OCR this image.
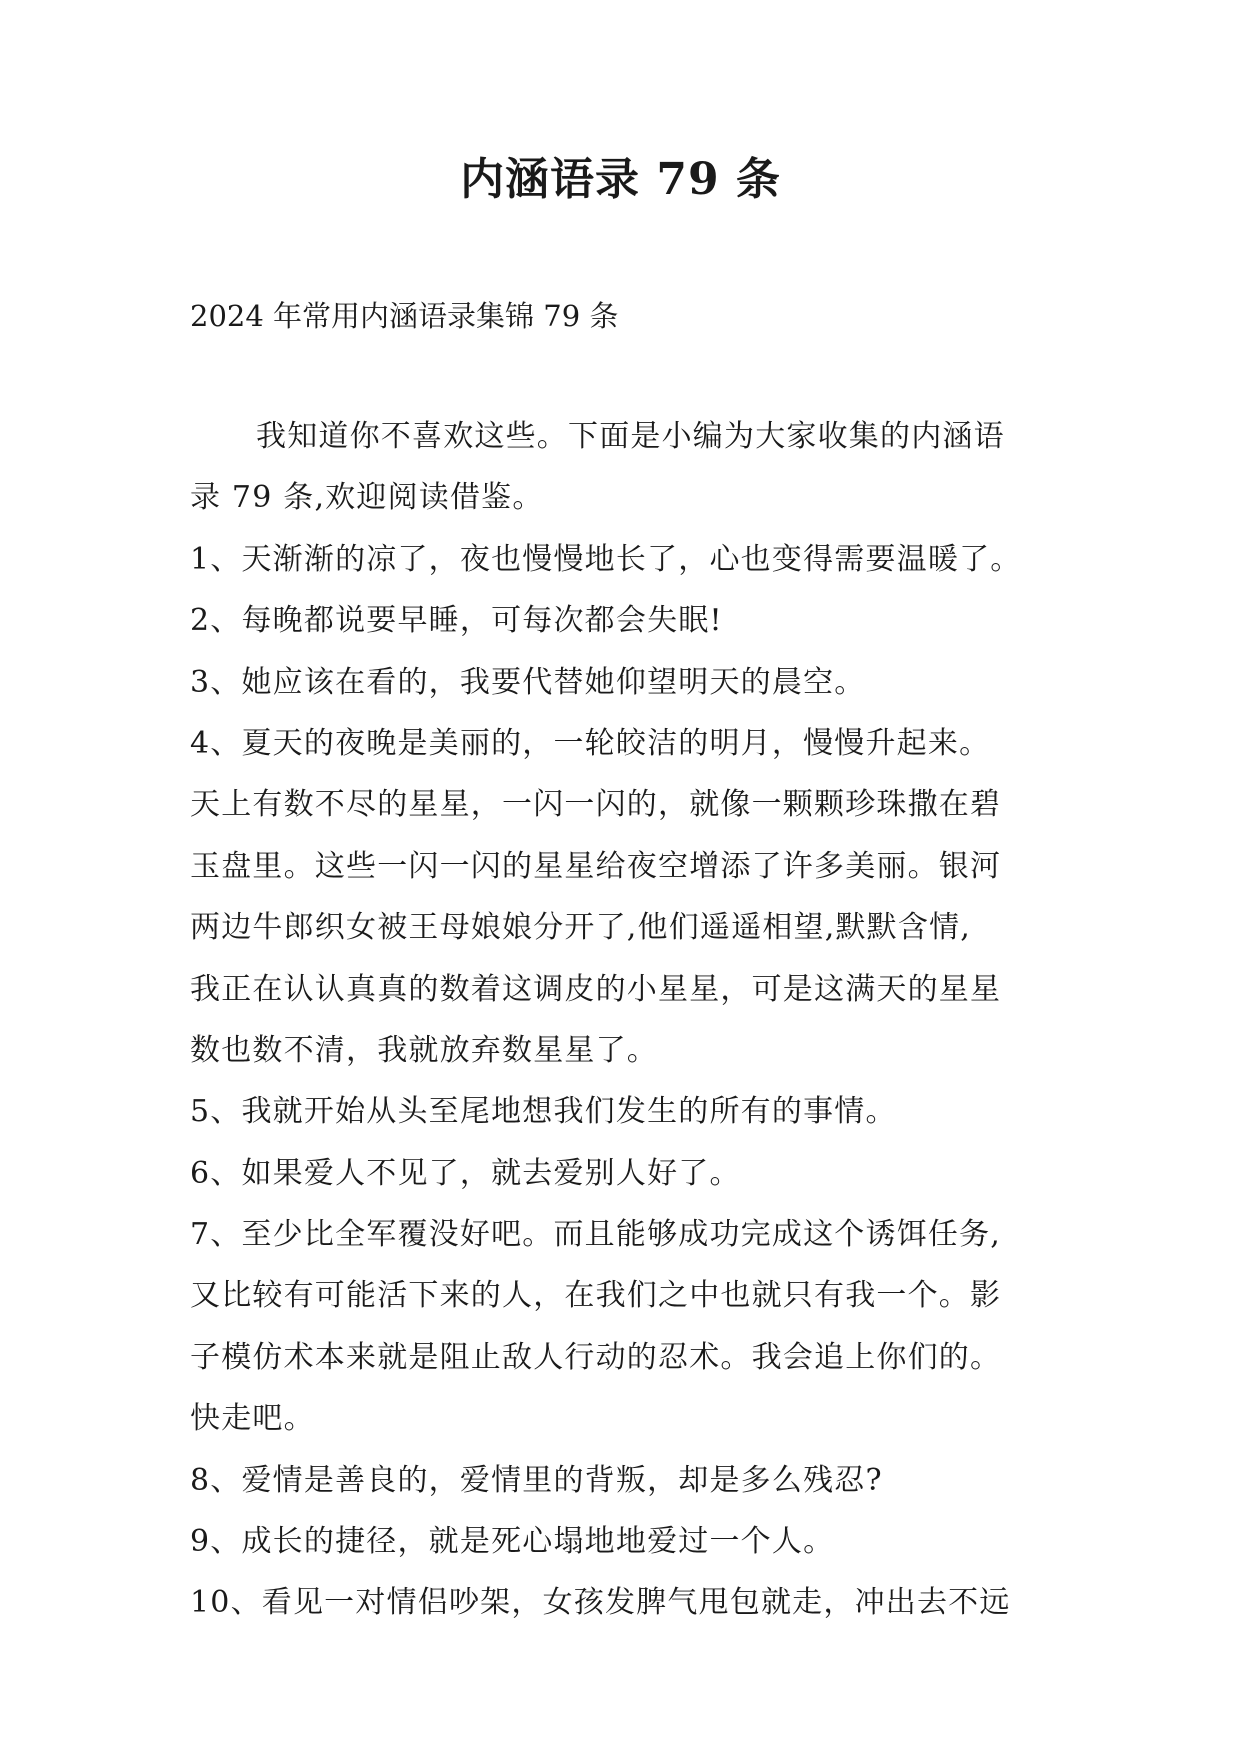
内涵语录 79 条

2024 年常用内涵语录集锦 79 条

我知道你不喜欢这些。下面是小编为大家收集的内涵语
录 79 条,欢迎阅读借鉴。
1、天渐渐的凉了，夜也慢慢地长了，心也变得需要温暖了。
2、每晚都说要早睡，可每次都会失眠!
3、她应该在看的，我要代替她仰望明天的晨空。
4、夏天的夜晚是美丽的，一轮皎洁的明月，慢慢升起来。
天上有数不尽的星星，一闪一闪的，就像一颗颗珍珠撒在碧
玉盘里。这些一闪一闪的星星给夜空增添了许多美丽。银河
两边牛郎织女被王母娘娘分开了,他们遥遥相望,默默含情,
我正在认认真真的数着这调皮的小星星，可是这满天的星星
数也数不清，我就放弃数星星了。
5、我就开始从头至尾地想我们发生的所有的事情。
6、如果爱人不见了，就去爱别人好了。
7、至少比全军覆没好吧。而且能够成功完成这个诱饵任务,
又比较有可能活下来的人，在我们之中也就只有我一个。影
子模仿术本来就是阻止敌人行动的忍术。我会追上你们的。
快走吧。
8、爱情是善良的，爱情里的背叛，却是多么残忍?
9、成长的捷径，就是死心塌地地爱过一个人。
10、看见一对情侣吵架，女孩发脾气甩包就走，冲出去不远
